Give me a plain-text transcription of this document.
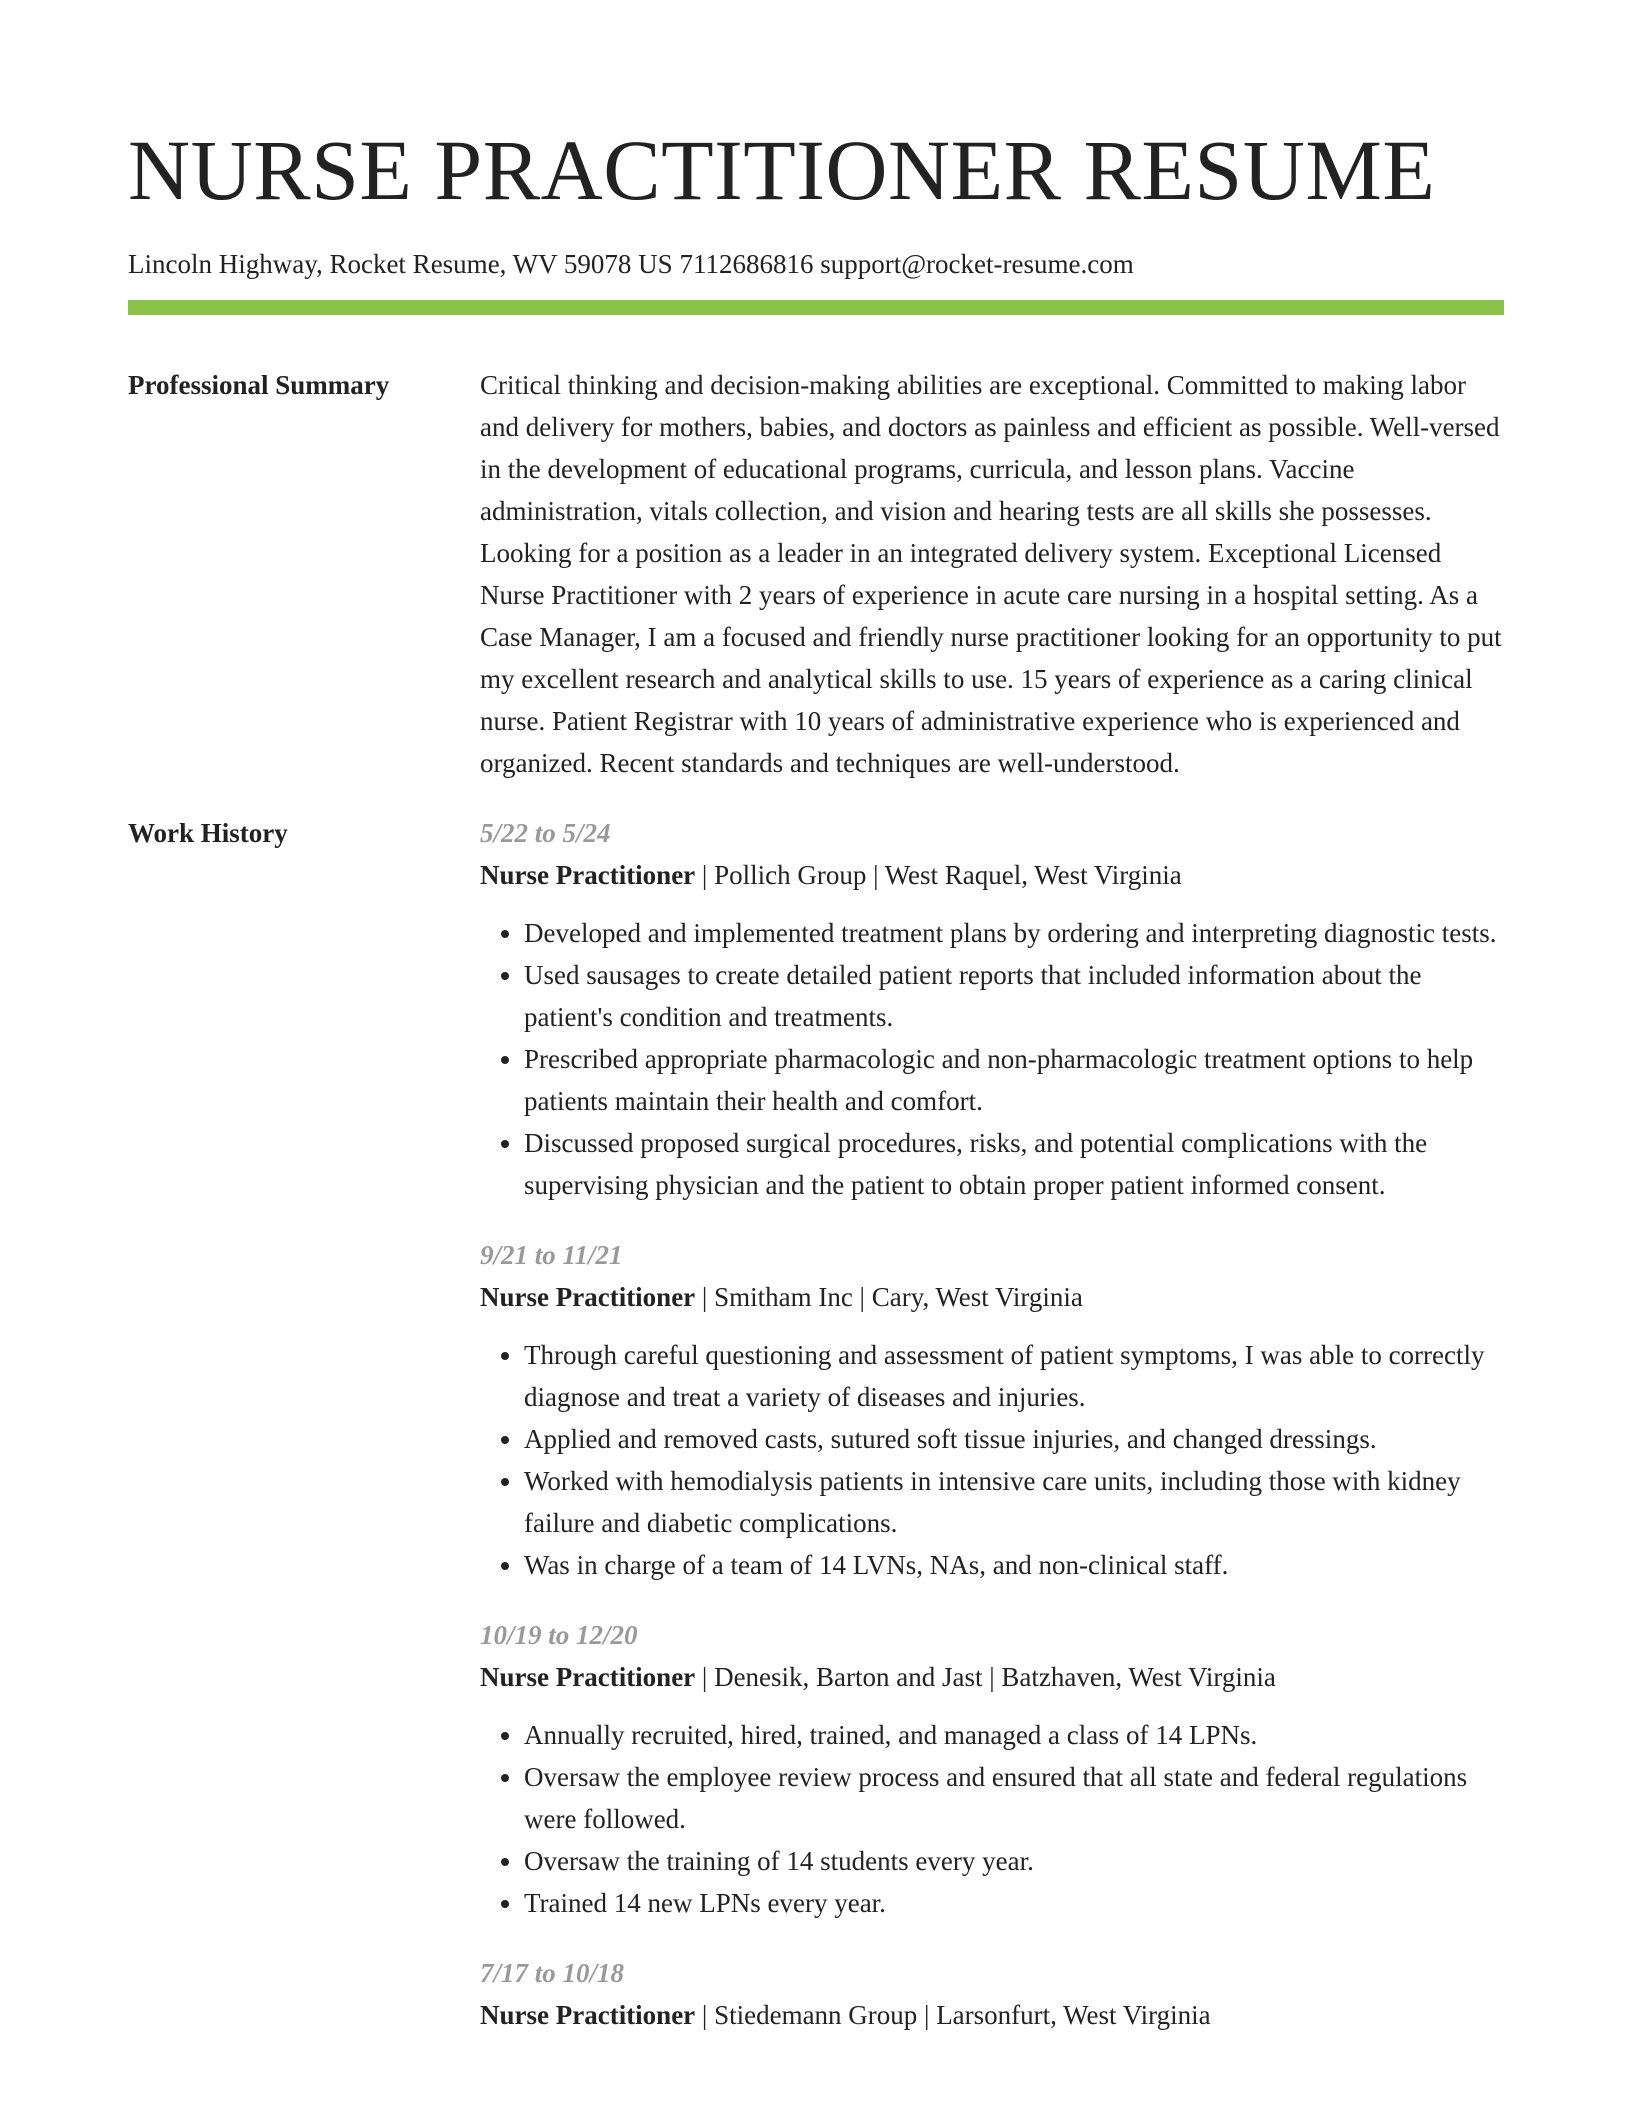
NURSE PRACTITIONER RESUME
Lincoln Highway, Rocket Resume, WV 59078 US 7112686816 support@rocket-resume.com
Professional Summary	Critical thinking and decision-making abilities are exceptional. Committed to making labor and delivery for mothers, babies, and doctors as painless and efficient as possible. Well-versed in the development of educational programs, curricula, and lesson plans. Vaccine administration, vitals collection, and vision and hearing tests are all skills she possesses. Looking for a position as a leader in an integrated delivery system. Exceptional Licensed Nurse Practitioner with 2 years of experience in acute care nursing in a hospital setting. As a Case Manager, I am a focused and friendly nurse practitioner looking for an opportunity to put my excellent research and analytical skills to use. 15 years of experience as a caring clinical nurse. Patient Registrar with 10 years of administrative experience who is experienced and organized. Recent standards and techniques are well-understood.

Work History	5/22 to 5/24
Nurse Practitioner | Pollich Group | West Raquel, West Virginia
• Developed and implemented treatment plans by ordering and interpreting diagnostic tests.
• Used sausages to create detailed patient reports that included information about the patient's condition and treatments.
• Prescribed appropriate pharmacologic and non-pharmacologic treatment options to help patients maintain their health and comfort.
• Discussed proposed surgical procedures, risks, and potential complications with the supervising physician and the patient to obtain proper patient informed consent.
9/21 to 11/21
Nurse Practitioner | Smitham Inc | Cary, West Virginia
• Through careful questioning and assessment of patient symptoms, I was able to correctly diagnose and treat a variety of diseases and injuries.
• Applied and removed casts, sutured soft tissue injuries, and changed dressings.
• Worked with hemodialysis patients in intensive care units, including those with kidney failure and diabetic complications.
• Was in charge of a team of 14 LVNs, NAs, and non-clinical staff.
10/19 to 12/20
Nurse Practitioner | Denesik, Barton and Jast | Batzhaven, West Virginia
• Annually recruited, hired, trained, and managed a class of 14 LPNs.
• Oversaw the employee review process and ensured that all state and federal regulations were followed.
• Oversaw the training of 14 students every year.
• Trained 14 new LPNs every year.
7/17 to 10/18
Nurse Practitioner | Stiedemann Group | Larsonfurt, West Virginia
